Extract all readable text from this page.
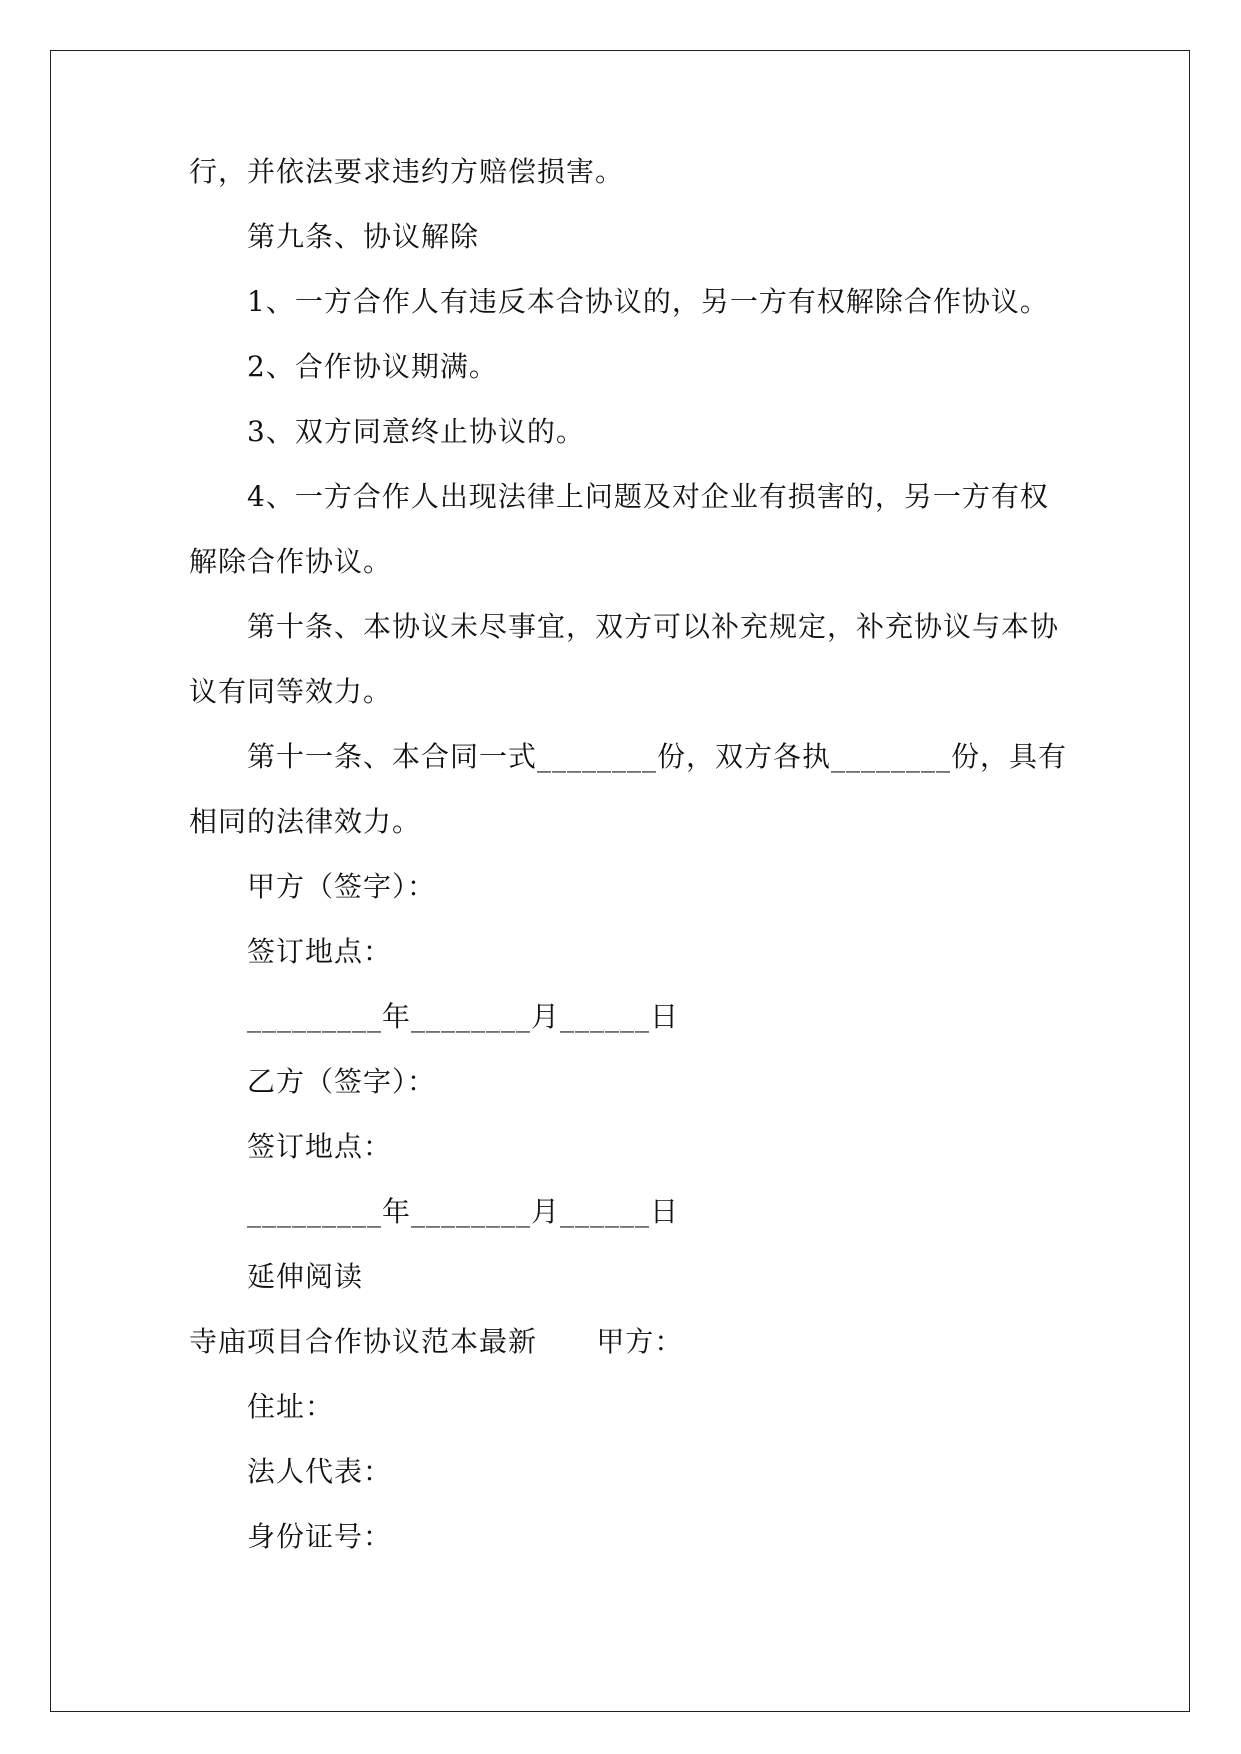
行，并依法要求违约方赔偿损害。
第九条、协议解除
1、一方合作人有违反本合协议的，另一方有权解除合作协议。
2、合作协议期满。
3、双方同意终止协议的。
4、一方合作人出现法律上问题及对企业有损害的，另一方有权
解除合作协议。
第十条、本协议未尽事宜，双方可以补充规定，补充协议与本协
议有同等效力。
第十一条、本合同一式________份，双方各执________份，具有
相同的法律效力。
甲方（签字）：
签订地点：
_________年________月______日
乙方（签字）：
签订地点：
_________年________月______日
延伸阅读
寺庙项目合作协议范本最新      甲方：
住址：
法人代表：
身份证号：
